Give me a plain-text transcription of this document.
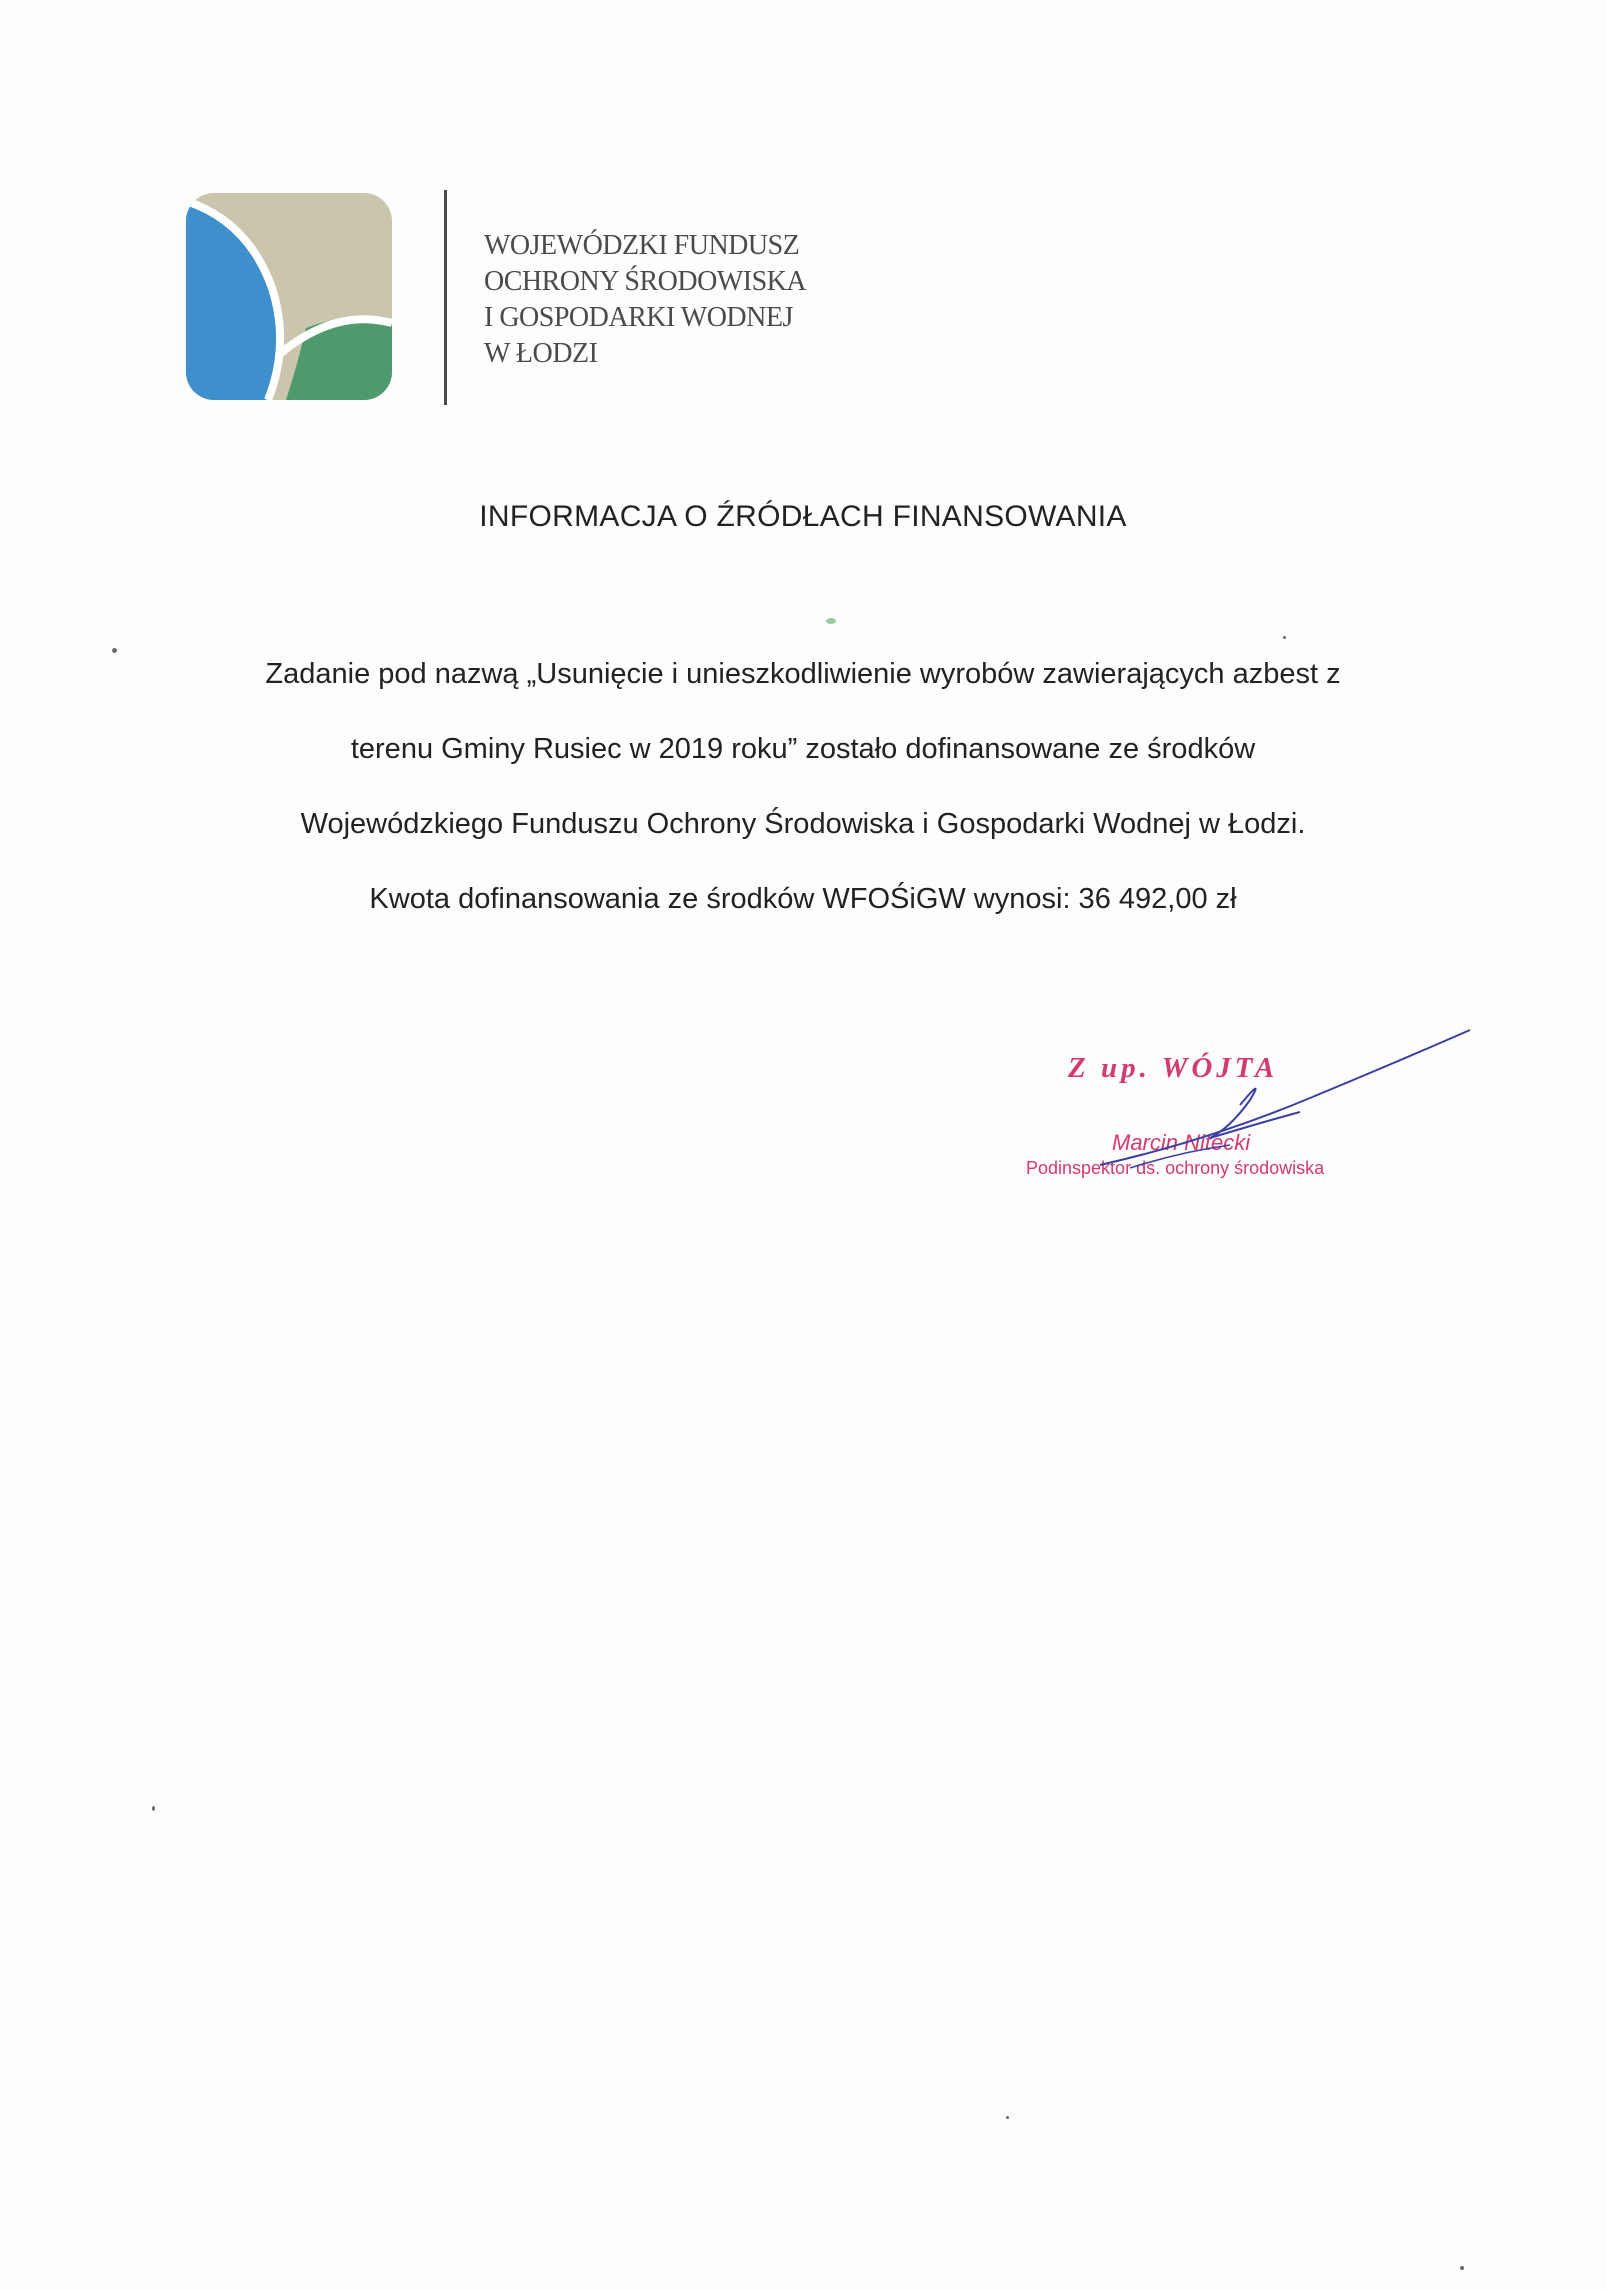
WOJEWÓDZKI FUNDUSZ
OCHRONY ŚRODOWISKA
I GOSPODARKI WODNEJ
W ŁODZI
INFORMACJA O ŹRÓDŁACH FINANSOWANIA
Zadanie pod nazwą „Usunięcie i unieszkodliwienie wyrobów zawierających azbest z
terenu Gminy Rusiec w 2019 roku” zostało dofinansowane ze środków
Wojewódzkiego Funduszu Ochrony Środowiska i Gospodarki Wodnej w Łodzi.
Kwota dofinansowania ze środków WFOŚiGW wynosi: 36 492,00 zł
Z up. WÓJTA
Marcin Nitecki
Podinspektor ds. ochrony środowiska
